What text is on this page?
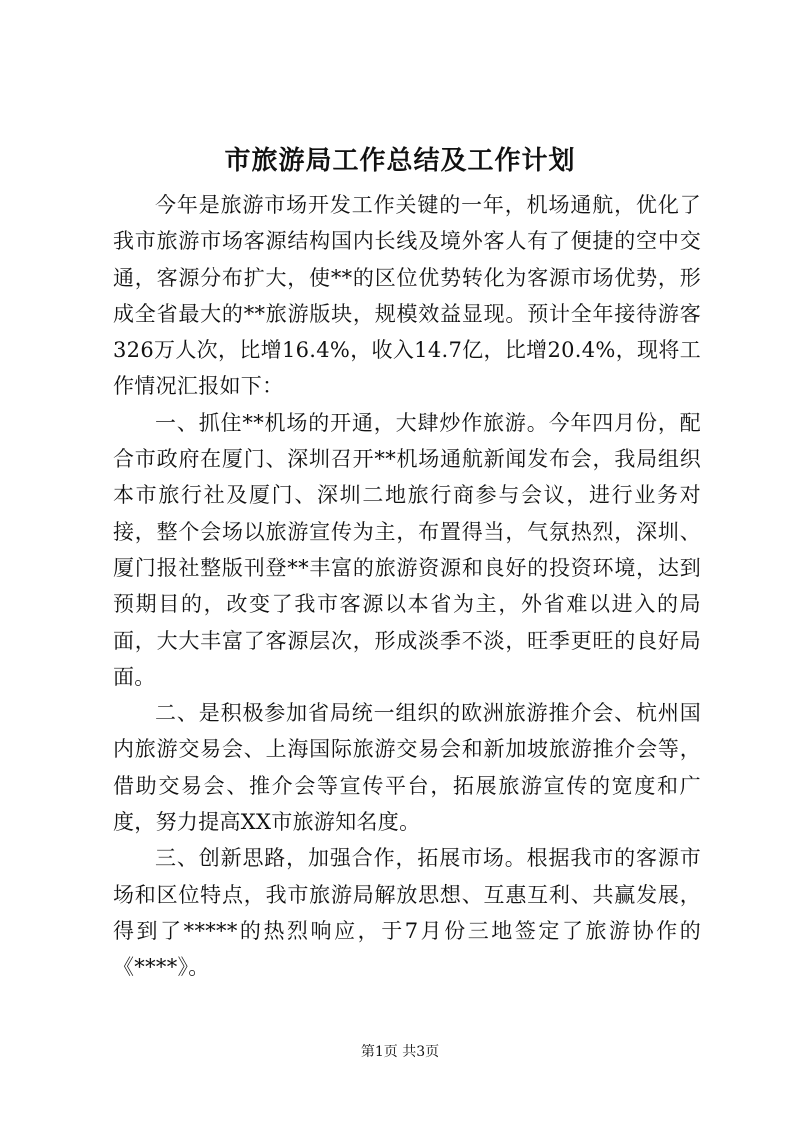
市旅游局工作总结及工作计划

今年是旅游市场开发工作关键的一年，机场通航，优化了我市旅游市场客源结构国内长线及境外客人有了便捷的空中交通，客源分布扩大，使**的区位优势转化为客源市场优势，形成全省最大的**旅游版块，规模效益显现。预计全年接待游客326万人次，比增16.4%，收入14.7亿，比增20.4%，现将工作情况汇报如下：

一、抓住**机场的开通，大肆炒作旅游。今年四月份，配合市政府在厦门、深圳召开**机场通航新闻发布会，我局组织本市旅行社及厦门、深圳二地旅行商参与会议，进行业务对接，整个会场以旅游宣传为主，布置得当，气氛热烈，深圳、厦门报社整版刊登**丰富的旅游资源和良好的投资环境，达到预期目的，改变了我市客源以本省为主，外省难以进入的局面，大大丰富了客源层次，形成淡季不淡，旺季更旺的良好局面。

二、是积极参加省局统一组织的欧洲旅游推介会、杭州国内旅游交易会、上海国际旅游交易会和新加坡旅游推介会等，借助交易会、推介会等宣传平台，拓展旅游宣传的宽度和广度，努力提高XX市旅游知名度。

三、创新思路，加强合作，拓展市场。根据我市的客源市场和区位特点，我市旅游局解放思想、互惠互利、共赢发展，得到了*****的热烈响应，于7月份三地签定了旅游协作的《****》。

第1页 共3页
